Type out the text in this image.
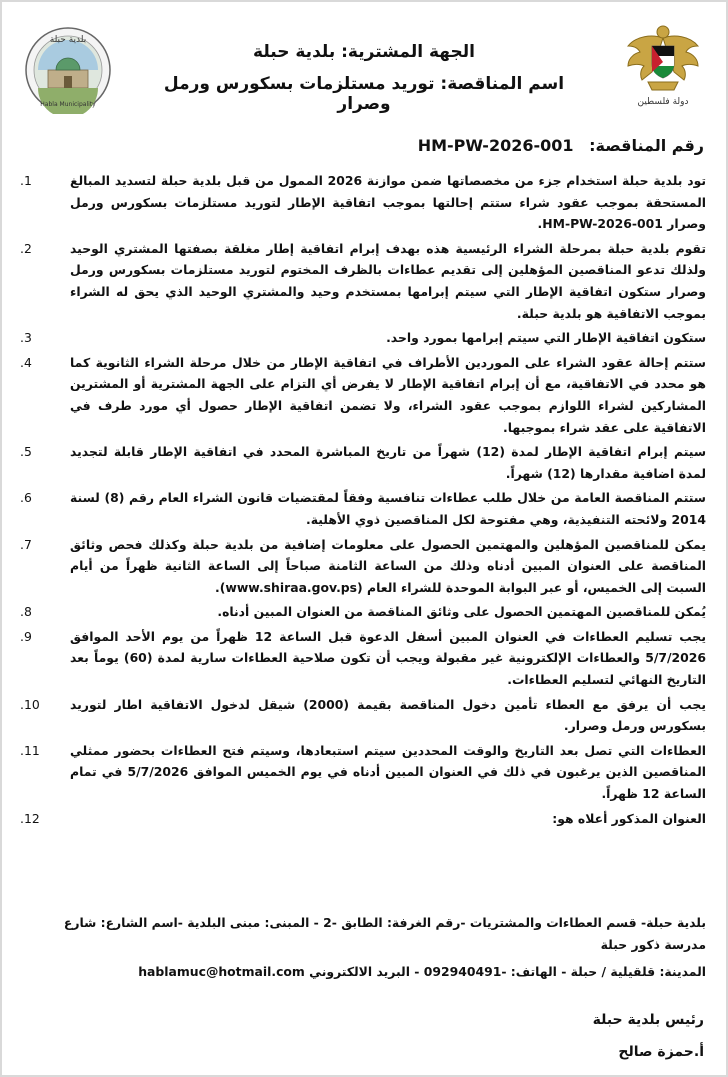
دولة فلسطين

الجهة المشترية: بلدية حبلة

اسم المناقصة: توريد مستلزمات بسكورس ورمل وصرار

بلدية حبلة
Habla Municipality
رقم المناقصة: HM-PW-2026-001
تود بلدية حبلة استخدام جزء من مخصصاتها ضمن موازنة 2026 الممول من قبل بلدية حبلة لتسديد المبالغ المستحقة بموجب عقود شراء ستتم إحالتها بموجب اتفاقية الإطار لتوريد مستلزمات بسكورس ورمل وصرار HM-PW-2026-001.
.1
تقوم بلدية حبلة بمرحلة الشراء الرئيسية هذه بهدف إبرام اتفاقية إطار مغلقة بصفتها المشتري الوحيد ولذلك تدعو المناقصين المؤهلين إلى تقديم عطاءات بالظرف المختوم لتوريد مستلزمات بسكورس ورمل وصرار ستكون اتفاقية الإطار التي سيتم إبرامها بمستخدم وحيد والمشتري الوحيد الذي يحق له الشراء بموجب الاتفاقية هو بلدية حبلة.
.2
ستكون اتفاقية الإطار التي سيتم إبرامها بمورد واحد.
.3
ستتم إحالة عقود الشراء على الموردين الأطراف في اتفاقية الإطار من خلال مرحلة الشراء الثانوية كما هو محدد في الاتفاقية، مع أن إبرام اتفاقية الإطار لا يفرض أي التزام على الجهة المشترية أو المشترين المشاركين لشراء اللوازم بموجب عقود الشراء، ولا تضمن اتفاقية الإطار حصول أي مورد طرف في الاتفاقية على عقد شراء بموجبها.
.4
سيتم إبرام اتفاقية الإطار لمدة (12) شهراً من تاريخ المباشرة المحدد في اتفاقية الإطار قابلة لتجديد لمدة اضافية مقدارها (12) شهراً.
.5
ستتم المناقصة العامة من خلال طلب عطاءات تنافسية وفقاً لمقتضيات قانون الشراء العام رقم (8) لسنة 2014 ولائحته التنفيذية، وهي مفتوحة لكل المناقصين ذوي الأهلية.
.6
يمكن للمناقصين المؤهلين والمهتمين الحصول على معلومات إضافية من بلدية حبلة وكذلك فحص وثائق المناقصة على العنوان المبين أدناه وذلك من الساعة الثامنة صباحاً إلى الساعة الثانية ظهراً من أيام السبت إلى الخميس، أو عبر البوابة الموحدة للشراء العام (www.shiraa.gov.ps).
.7
يُمكن للمناقصين المهتمين الحصول على وثائق المناقصة من العنوان المبين أدناه.
.8
يجب تسليم العطاءات في العنوان المبين أسفل الدعوة قبل الساعة 12 ظهراً من يوم الأحد الموافق 5/7/2026 والعطاءات الإلكترونية غير مقبولة ويجب أن تكون صلاحية العطاءات سارية لمدة (60) يوماً بعد التاريخ النهائي لتسليم العطاءات.
.9
يجب أن يرفق مع العطاء تأمين دخول المناقصة بقيمة (2000) شيقل لدخول الاتفاقية اطار لتوريد بسكورس ورمل وصرار.
.10
العطاءات التي تصل بعد التاريخ والوقت المحددين سيتم استبعادها، وسيتم فتح العطاءات بحضور ممثلي المناقصين الذين يرغبون في ذلك في العنوان المبين أدناه في يوم الخميس الموافق 5/7/2026 في تمام الساعة 12 ظهراً.
.11
العنوان المذكور أعلاه هو:
.12
بلدية حبلة- قسم العطاءات والمشتريات -رقم الغرفة: الطابق -2 - المبنى: مبنى البلدية -اسم الشارع: شارع مدرسة ذكور حبلة
المدينة: قلقيلية / حبلة - الهاتف: -092940491 - البريد الالكتروني hablamuc@hotmail.com
رئيس بلدية حبلة
أ.حمزة صالح
